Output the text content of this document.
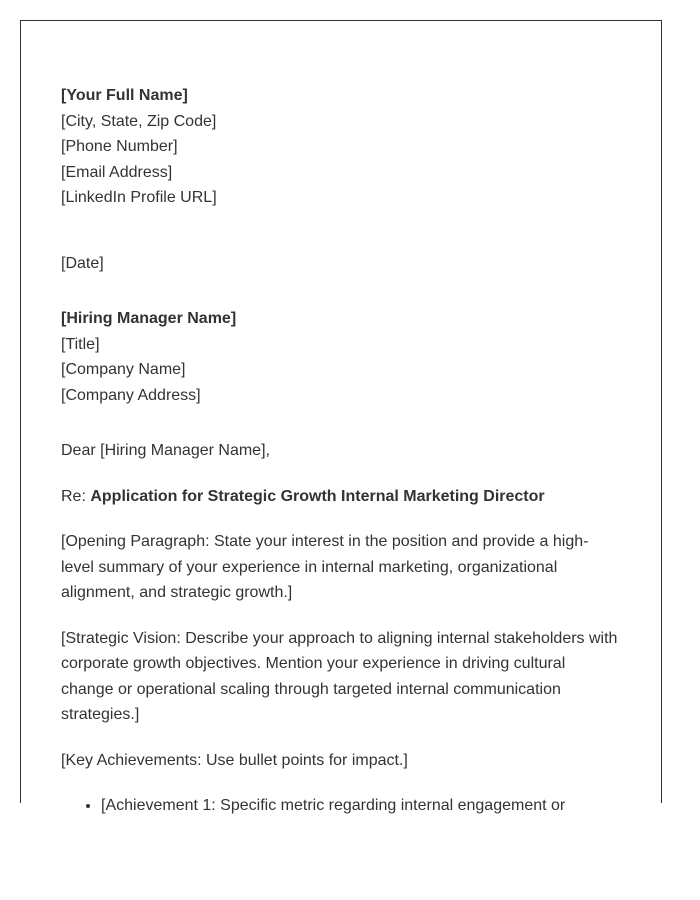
[Your Full Name]
[City, State, Zip Code]
[Phone Number]
[Email Address]
[LinkedIn Profile URL]
[Date]
[Hiring Manager Name]
[Title]
[Company Name]
[Company Address]
Dear [Hiring Manager Name],
Re: Application for Strategic Growth Internal Marketing Director

[Opening Paragraph: State your interest in the position and provide a high-level summary of your experience in internal marketing, organizational alignment, and strategic growth.]

[Strategic Vision: Describe your approach to aligning internal stakeholders with corporate growth objectives. Mention your experience in driving cultural change or operational scaling through targeted internal communication strategies.]

[Key Achievements: Use bullet points for impact.]

• [Achievement 1: Specific metric regarding internal engagement or
